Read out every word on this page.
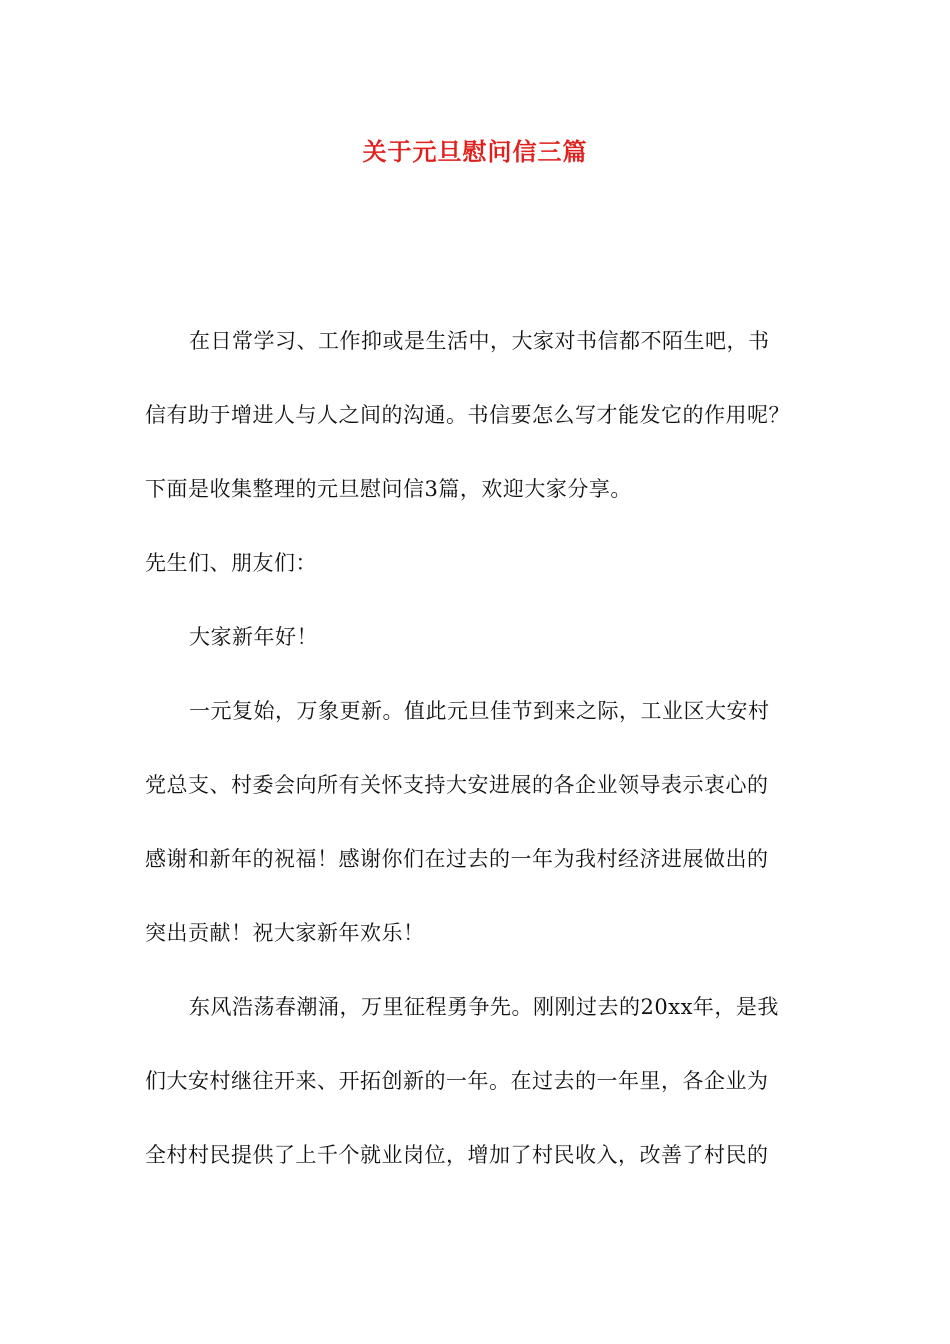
关于元旦慰问信三篇
在日常学习、工作抑或是生活中，大家对书信都不陌生吧，书
信有助于增进人与人之间的沟通。书信要怎么写才能发它的作用呢？
下面是收集整理的元旦慰问信3篇，欢迎大家分享。
先生们、朋友们：
大家新年好！
一元复始，万象更新。值此元旦佳节到来之际，工业区大安村
党总支、村委会向所有关怀支持大安进展的各企业领导表示衷心的
感谢和新年的祝福！感谢你们在过去的一年为我村经济进展做出的
突出贡献！祝大家新年欢乐！
东风浩荡春潮涌，万里征程勇争先。刚刚过去的20xx年，是我
们大安村继往开来、开拓创新的一年。在过去的一年里，各企业为
全村村民提供了上千个就业岗位，增加了村民收入，改善了村民的
